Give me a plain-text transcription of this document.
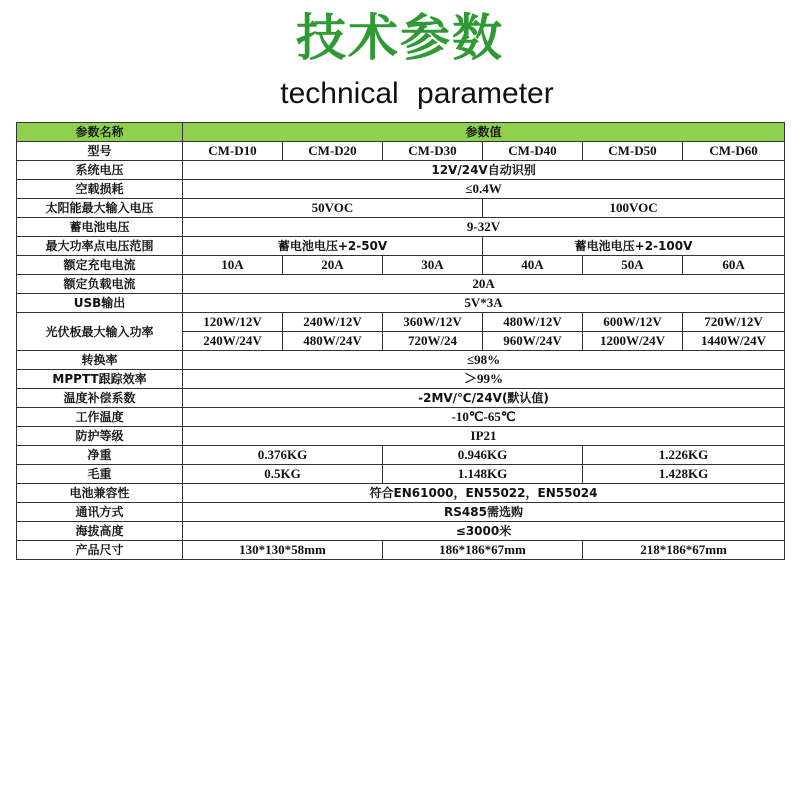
技术参数
technical parameter
参数名称	参数值					
型号	CM-D10	CM-D20	CM-D30	CM-D40	CM-D50	CM-D60
系统电压	12V/24V自动识别					
空载损耗	≤0.4W					
太阳能最大输入电压	50VOC			100VOC		
蓄电池电压	9-32V					
最大功率点电压范围	蓄电池电压+2-50V			蓄电池电压+2-100V		
额定充电电流	10A	20A	30A	40A	50A	60A
额定负载电流	20A					
USB输出	5V*3A					
光伏板最大输入功率	120W/12V	240W/12V	360W/12V	480W/12V	600W/12V	720W/12V
	240W/24V	480W/24V	720W/24	960W/24V	1200W/24V	1440W/24V
转换率	≤98%					
MPPTT跟踪效率	＞99%					
温度补偿系数	-2MV/℃/24V(默认值)					
工作温度	-10℃-65℃					
防护等级	IP21					
净重	0.376KG		0.946KG		1.226KG	
毛重	0.5KG		1.148KG		1.428KG	
电池兼容性	符合EN61000，EN55022，EN55024					
通讯方式	RS485需选购					
海拔高度	≤3000米					
产品尺寸	130*130*58mm		186*186*67mm		218*186*67mm	
